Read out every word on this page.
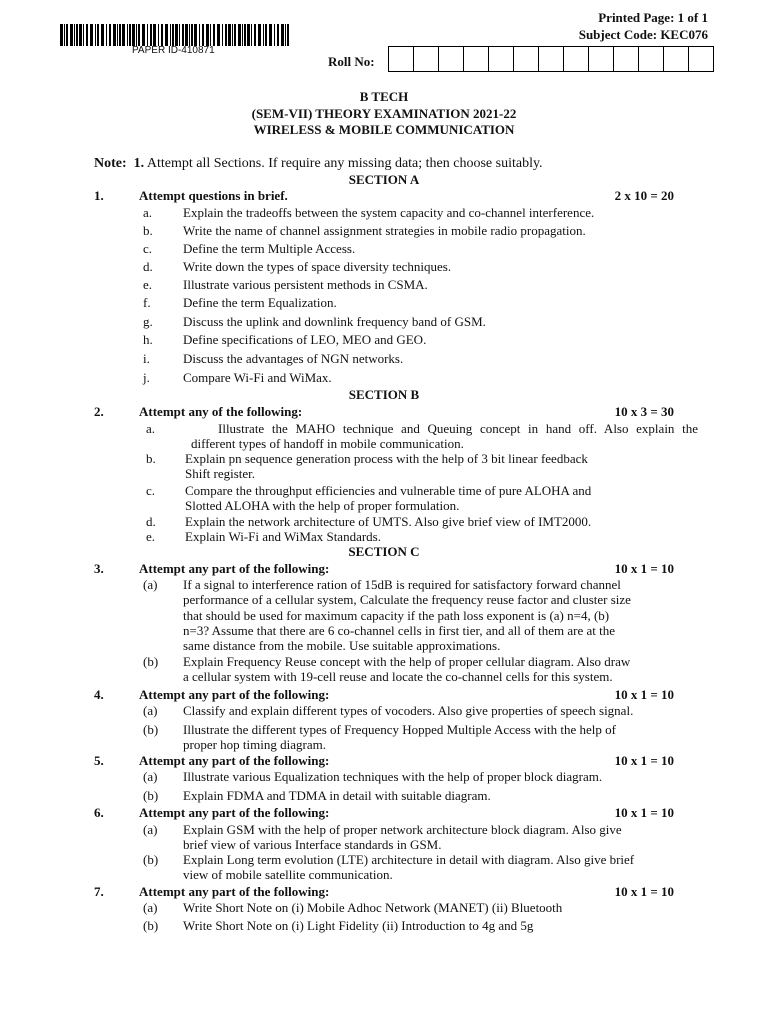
PAPER ID-410871
Printed Page: 1 of 1
Subject Code: KEC076
Roll No:
B TECH
(SEM-VII) THEORY EXAMINATION 2021-22
WIRELESS & MOBILE COMMUNICATION
Note: 1. Attempt all Sections. If require any missing data; then choose suitably.
SECTION A
1.	Attempt questions in brief.	2 x 10 = 20
SECTION B
2.	Attempt any of the following:	10 x 3 = 30
SECTION C
a. Explain the tradeoffs between the system capacity and co-channel interference.
b. Write the name of channel assignment strategies in mobile radio propagation.
c. Define the term Multiple Access.
d. Write down the types of space diversity techniques.
e. Illustrate various persistent methods in CSMA.
f. Define the term Equalization.
g. Discuss the uplink and downlink frequency band of GSM.
h. Define specifications of LEO, MEO and GEO.
i.	Discuss the advantages of NGN networks.
j.	Compare Wi-Fi and WiMax.
a.	Illustrate the MAHO technique and Queuing concept in hand off. Also explain the
different types of handoff in mobile communication.
b. Explain pn sequence generation process with the help of 3 bit linear feedback
Shift register.
c. Compare the throughput efficiencies and vulnerable time of pure ALOHA and
Slotted ALOHA with the help of proper formulation.
d. Explain the network architecture of UMTS. Also give brief view of IMT2000.
e. Explain Wi-Fi and WiMax Standards.
3.	Attempt any part of the following:	10 x 1 = 10
(a) If a signal to interference ration of 15dB is required for satisfactory forward channel
performance of a cellular system, Calculate the frequency reuse factor and cluster size
that should be used for maximum capacity if the path loss exponent is (a) n=4, (b)
n=3? Assume that there are 6 co-channel cells in first tier, and all of them are at the
same distance from the mobile. Use suitable approximations.
(b) Explain Frequency Reuse concept with the help of proper cellular diagram. Also draw
a cellular system with 19-cell reuse and locate the co-channel cells for this system.
4.	Attempt any part of the following:	10 x 1 = 10
(a) Classify and explain different types of vocoders. Also give properties of speech signal.
(b) Illustrate the different types of Frequency Hopped Multiple Access with the help of
proper hop timing diagram.
5.	Attempt any part of the following:	10 x 1 = 10
(a) Illustrate various Equalization techniques with the help of proper block diagram.
(b) Explain FDMA and TDMA in detail with suitable diagram.
6.	Attempt any part of the following:	10 x 1 = 10
(a) Explain GSM with the help of proper network architecture block diagram. Also give
brief view of various Interface standards in GSM.
(b) Explain Long term evolution (LTE) architecture in detail with diagram. Also give brief
view of mobile satellite communication.
7.	Attempt any part of the following:	10 x 1 = 10
(a) Write Short Note on (i) Mobile Adhoc Network (MANET) (ii) Bluetooth
(b) Write Short Note on (i) Light Fidelity (ii) Introduction to 4g and 5g
